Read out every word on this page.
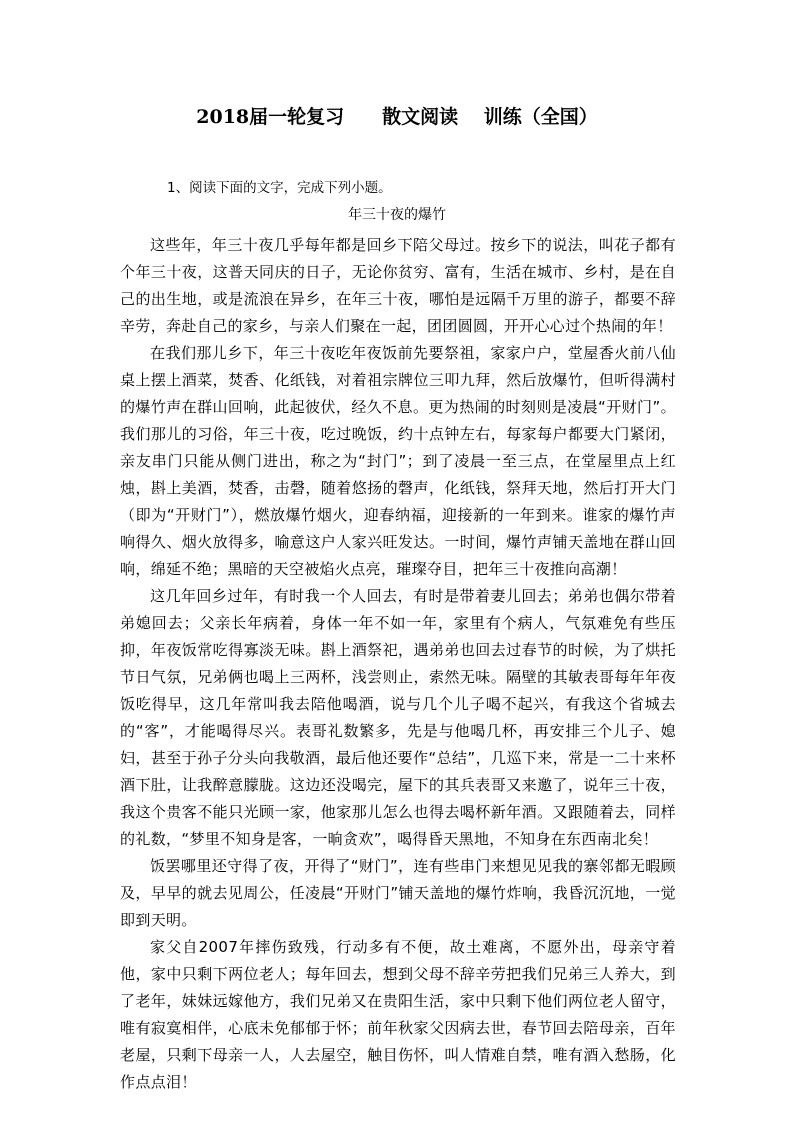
2018届一轮复习　　散文阅读　 训练（全国）
1、阅读下面的文字，完成下列小题。
年三十夜的爆竹

这些年，年三十夜几乎每年都是回乡下陪父母过。按乡下的说法，叫花子都有个年三十夜，这普天同庆的日子，无论你贫穷、富有，生活在城市、乡村，是在自己的出生地，或是流浪在异乡，在年三十夜，哪怕是远隔千万里的游子，都要不辞辛劳，奔赴自己的家乡，与亲人们聚在一起，团团圆圆，开开心心过个热闹的年！

在我们那儿乡下，年三十夜吃年夜饭前先要祭祖，家家户户，堂屋香火前八仙桌上摆上酒菜，焚香、化纸钱，对着祖宗牌位三叩九拜，然后放爆竹，但听得满村的爆竹声在群山回响，此起彼伏，经久不息。更为热闹的时刻则是凌晨“开财门”。我们那儿的习俗，年三十夜，吃过晚饭，约十点钟左右，每家每户都要大门紧闭，亲友串门只能从侧门进出，称之为“封门”；到了凌晨一至三点，在堂屋里点上红烛，斟上美酒，焚香，击磬，随着悠扬的磬声，化纸钱，祭拜天地，然后打开大门（即为“开财门”），燃放爆竹烟火，迎春纳福，迎接新的一年到来。谁家的爆竹声响得久、烟火放得多，喻意这户人家兴旺发达。一时间，爆竹声铺天盖地在群山回响，绵延不绝；黑暗的天空被焰火点亮，璀璨夺目，把年三十夜推向高潮！

这几年回乡过年，有时我一个人回去，有时是带着妻儿回去；弟弟也偶尔带着弟媳回去；父亲长年病着，身体一年不如一年，家里有个病人，气氛难免有些压抑，年夜饭常吃得寡淡无味。斟上酒祭祀，遇弟弟也回去过春节的时候，为了烘托节日气氛，兄弟俩也喝上三两杯，浅尝则止，索然无味。隔壁的其敏表哥每年年夜饭吃得早，这几年常叫我去陪他喝酒，说与几个儿子喝不起兴，有我这个省城去的“客”，才能喝得尽兴。表哥礼数繁多，先是与他喝几杯，再安排三个儿子、媳妇，甚至于孙子分头向我敬酒，最后他还要作“总结”，几巡下来，常是一二十来杯酒下肚，让我醉意朦胧。这边还没喝完，屋下的其兵表哥又来邀了，说年三十夜，我这个贵客不能只光顾一家，他家那儿怎么也得去喝杯新年酒。又跟随着去，同样的礼数，“梦里不知身是客，一晌贪欢”，喝得昏天黑地，不知身在东西南北矣！

饭罢哪里还守得了夜，开得了“财门”，连有些串门来想见见我的寨邻都无暇顾及，早早的就去见周公，任凌晨“开财门”铺天盖地的爆竹炸响，我昏沉沉地，一觉即到天明。

家父自2007年摔伤致残，行动多有不便，故土难离，不愿外出，母亲守着他，家中只剩下两位老人；每年回去，想到父母不辞辛劳把我们兄弟三人养大，到了老年，妹妹远嫁他方，我们兄弟又在贵阳生活，家中只剩下他们两位老人留守，唯有寂寞相伴，心底未免郁郁于怀；前年秋家父因病去世，春节回去陪母亲，百年老屋，只剩下母亲一人，人去屋空，触目伤怀，叫人情难自禁，唯有酒入愁肠，化作点点泪！
